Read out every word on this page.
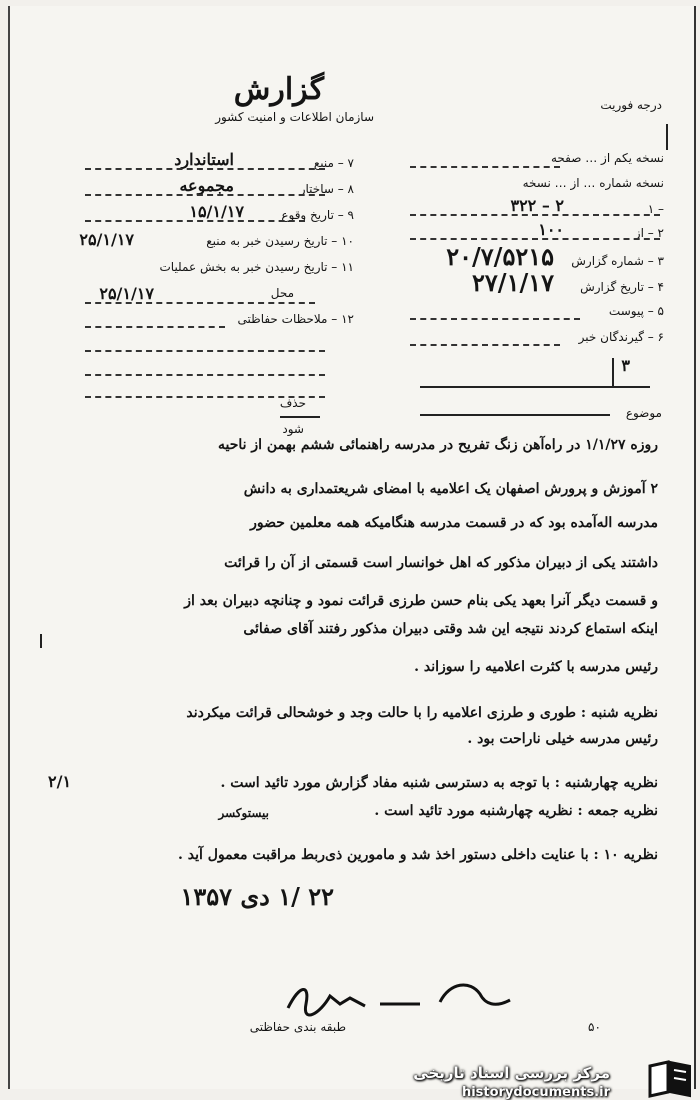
گزارش
سازمان اطلاعات و امنیت کشور
درجه فوریت
نسخه یکم از … صفحه
نسخه شماره … از … نسخه
۱ –
۳۲۲ – ۲
۲ – از
۱۰۰
۳ – شماره گزارش
۲۰/۷/۵۲۱۵
۴ – تاریخ گزارش
۲۷/۱/۱۷
۵ – پیوست
۶ – گیرندگان خبر
۳
۷ – منبع
استاندارد
۸ – ساختار
مجموعه
۹ – تاریخ وقوع
۱۵/۱/۱۷
۱۰ – تاریخ رسیدن خبر به منبع
۲۵/۱/۱۷
۱۱ – تاریخ رسیدن خبر به بخش عملیات
۲۵/۱/۱۷	محل
۱۲ – ملاحظات حفاظتی
موضوع
حذف
شود
روزه ۱/۱/۲۷ در راه‌آهن زنگ تفریح در مدرسه راهنمائی ششم بهمن از ناحیه
۲ آموزش و پرورش اصفهان یک اعلامیه با امضای شریعتمداری به دانش
مدرسه اله‌آمده بود که در قسمت مدرسه هنگامیکه همه معلمین حضور
داشتند یکی از دبیران مذکور که اهل خوانسار است قسمتی از آن را قرائت
و قسمت دیگر آنرا بعهد یکی بنام حسن طرزی قرائت نمود و چنانچه دبیران بعد از
اینکه استماع کردند نتیجه این شد وقتی دبیران مذکور رفتند آقای صفائی
رئیس مدرسه با کثرت اعلامیه را سوزاند .
نظریه شنبه : طوری و طرزی اعلامیه را با حالت وجد و خوشحالی قرائت میکردند
رئیس مدرسه خیلی ناراحت بود .
نظریه چهارشنبه : با توجه به دسترسی شنبه مفاد گزارش مورد تائید است .
۲/۱
نظریه جمعه : نظریه چهارشنبه مورد تائید است .
بیستوکسر
نظریه ۱۰ : با عنایت داخلی دستور اخذ شد و مامورین ذی‌ربط مراقبت معمول آید .
۲۲ /۱ دی ۱۳۵۷
طبقه بندی حفاظتی	۵۰
مرکز بررسی اسناد تاریخی
historydocuments.ir
